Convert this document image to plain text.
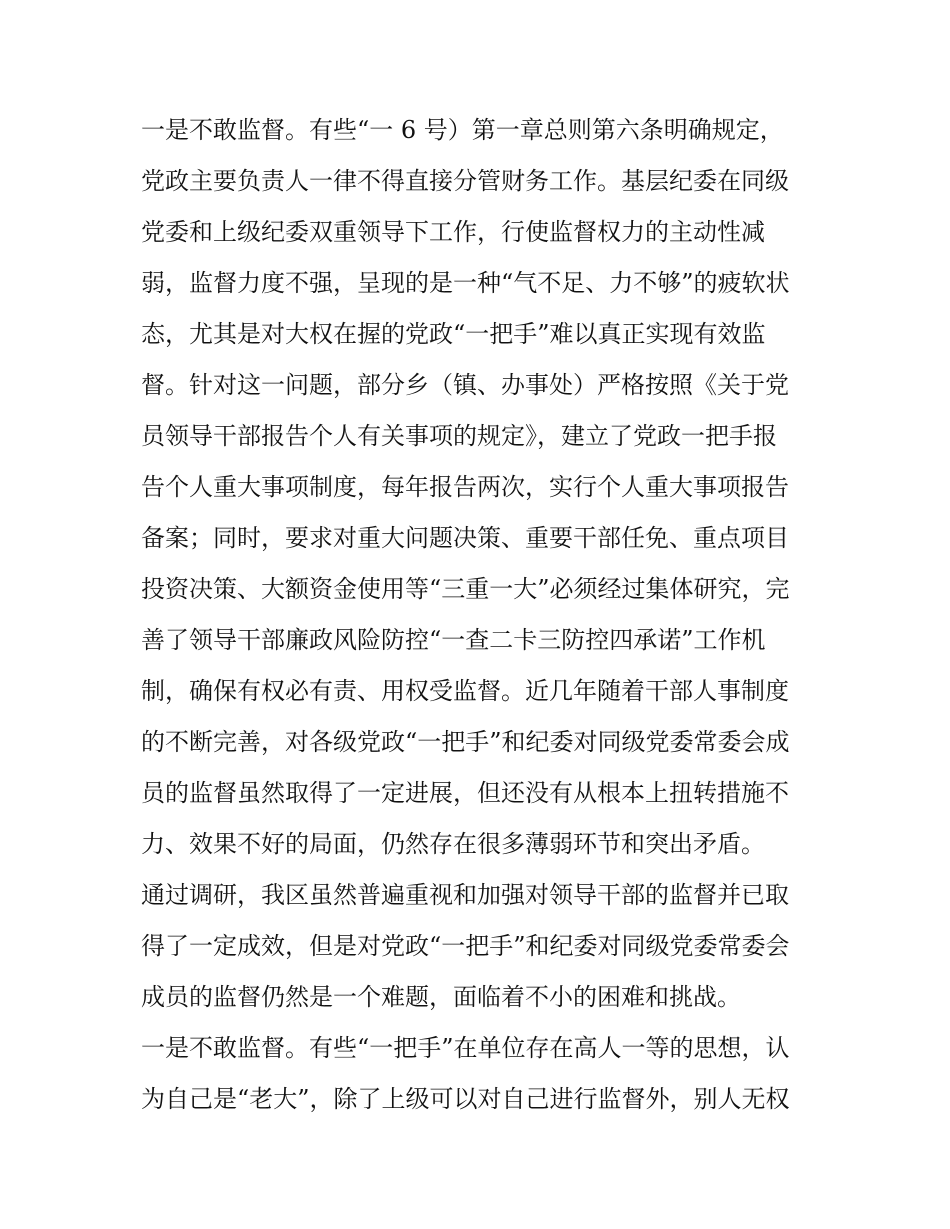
一是不敢监督。有些“一 6 号）第一章总则第六条明确规定，
党政主要负责人一律不得直接分管财务工作。基层纪委在同级
党委和上级纪委双重领导下工作，行使监督权力的主动性减
弱，监督力度不强，呈现的是一种“气不足、力不够”的疲软状
态，尤其是对大权在握的党政“一把手”难以真正实现有效监
督。针对这一问题，部分乡（镇、办事处）严格按照《关于党
员领导干部报告个人有关事项的规定》，建立了党政一把手报
告个人重大事项制度，每年报告两次，实行个人重大事项报告
备案；同时，要求对重大问题决策、重要干部任免、重点项目
投资决策、大额资金使用等“三重一大”必须经过集体研究，完
善了领导干部廉政风险防控“一查二卡三防控四承诺”工作机
制，确保有权必有责、用权受监督。近几年随着干部人事制度
的不断完善，对各级党政“一把手”和纪委对同级党委常委会成
员的监督虽然取得了一定进展，但还没有从根本上扭转措施不
力、效果不好的局面，仍然存在很多薄弱环节和突出矛盾。
通过调研，我区虽然普遍重视和加强对领导干部的监督并已取
得了一定成效，但是对党政“一把手”和纪委对同级党委常委会
成员的监督仍然是一个难题，面临着不小的困难和挑战。
一是不敢监督。有些“一把手”在单位存在高人一等的思想，认
为自己是“老大”，除了上级可以对自己进行监督外，别人无权
